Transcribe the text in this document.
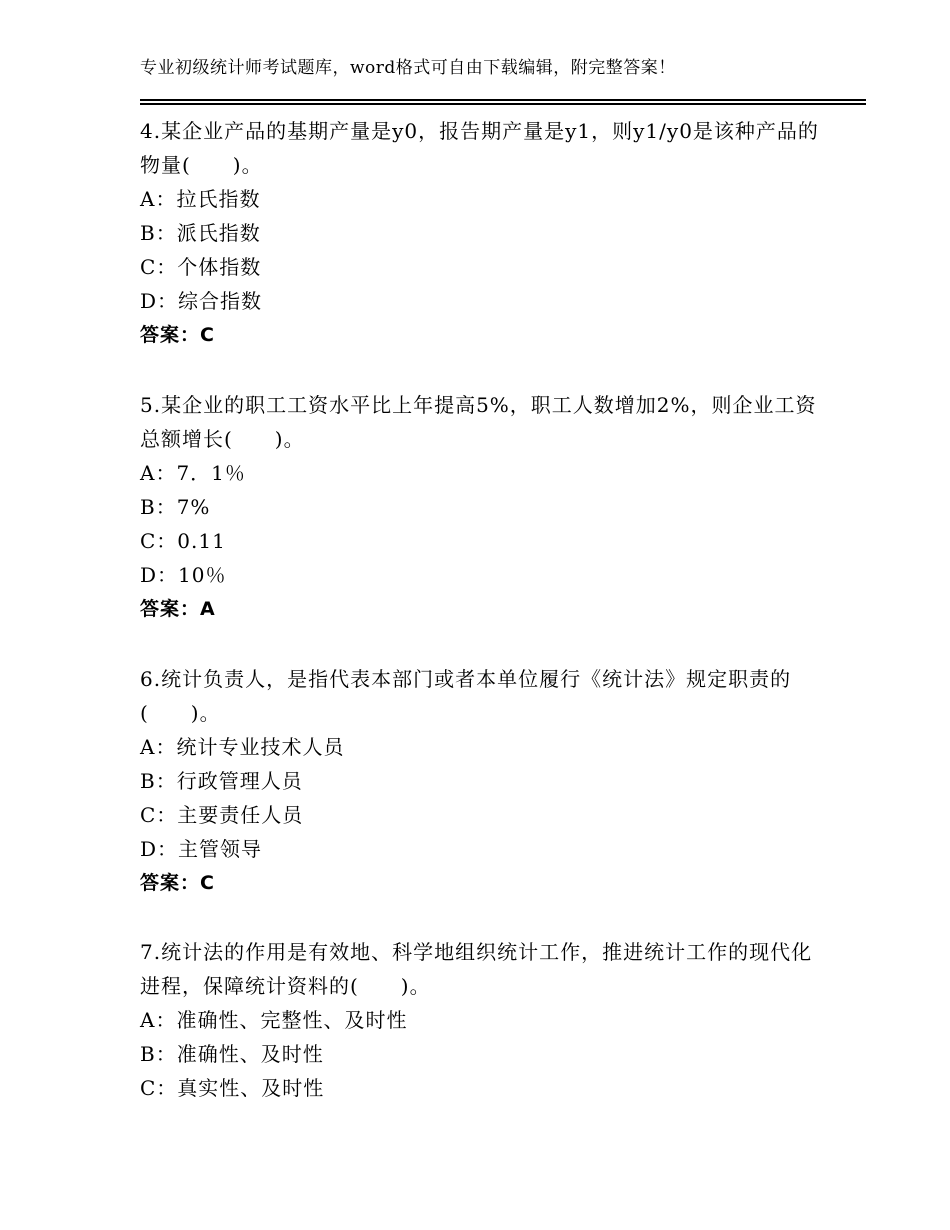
专业初级统计师考试题库，word格式可自由下载编辑，附完整答案！
4.某企业产品的基期产量是y0，报告期产量是y1，则y1/y0是该种产品的物量(　　)。
A：拉氏指数
B：派氏指数
C：个体指数
D：综合指数
答案：C
5.某企业的职工工资水平比上年提高5%，职工人数增加2%，则企业工资总额增长(　　)。
A：7．1％
B：7%
C：0.11
D：10％
答案：A
6.统计负责人，是指代表本部门或者本单位履行《统计法》规定职责的(　　)。
A：统计专业技术人员
B：行政管理人员
C：主要责任人员
D：主管领导
答案：C
7.统计法的作用是有效地、科学地组织统计工作，推进统计工作的现代化进程，保障统计资料的(　　)。
A：准确性、完整性、及时性
B：准确性、及时性
C：真实性、及时性
